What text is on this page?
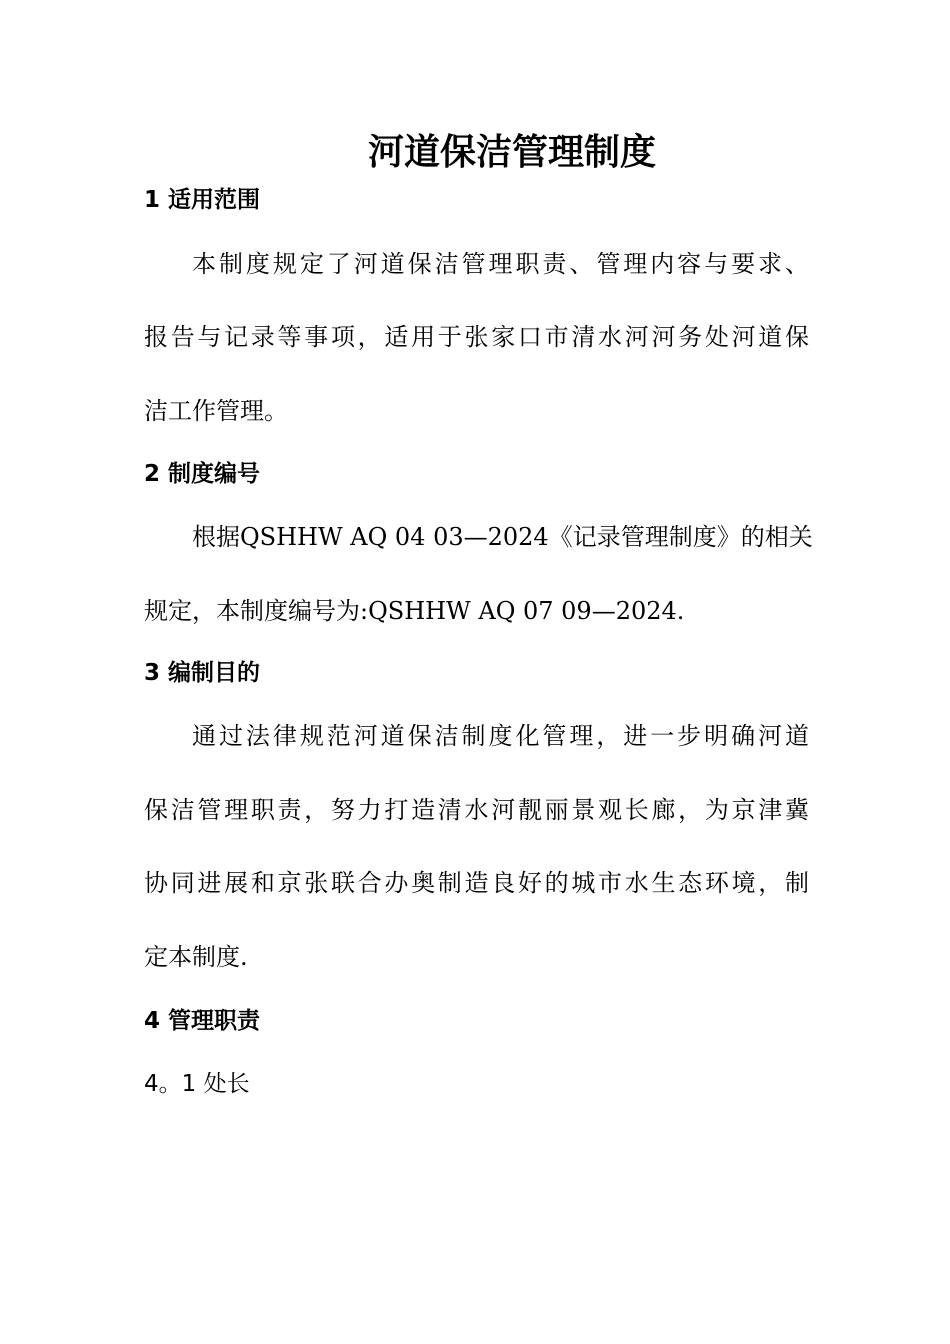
河道保洁管理制度
1 适用范围
本制度规定了河道保洁管理职责、管理内容与要求、
报告与记录等事项，适用于张家口市清水河河务处河道保
洁工作管理。
2 制度编号
根据QSHHW AQ 04 03—2024《记录管理制度》的相关
规定，本制度编号为:QSHHW AQ 07 09—2024.
3 编制目的
通过法律规范河道保洁制度化管理，进一步明确河道
保洁管理职责，努力打造清水河靓丽景观长廊，为京津冀
协同进展和京张联合办奥制造良好的城市水生态环境，制
定本制度.
4 管理职责
4。1 处长
